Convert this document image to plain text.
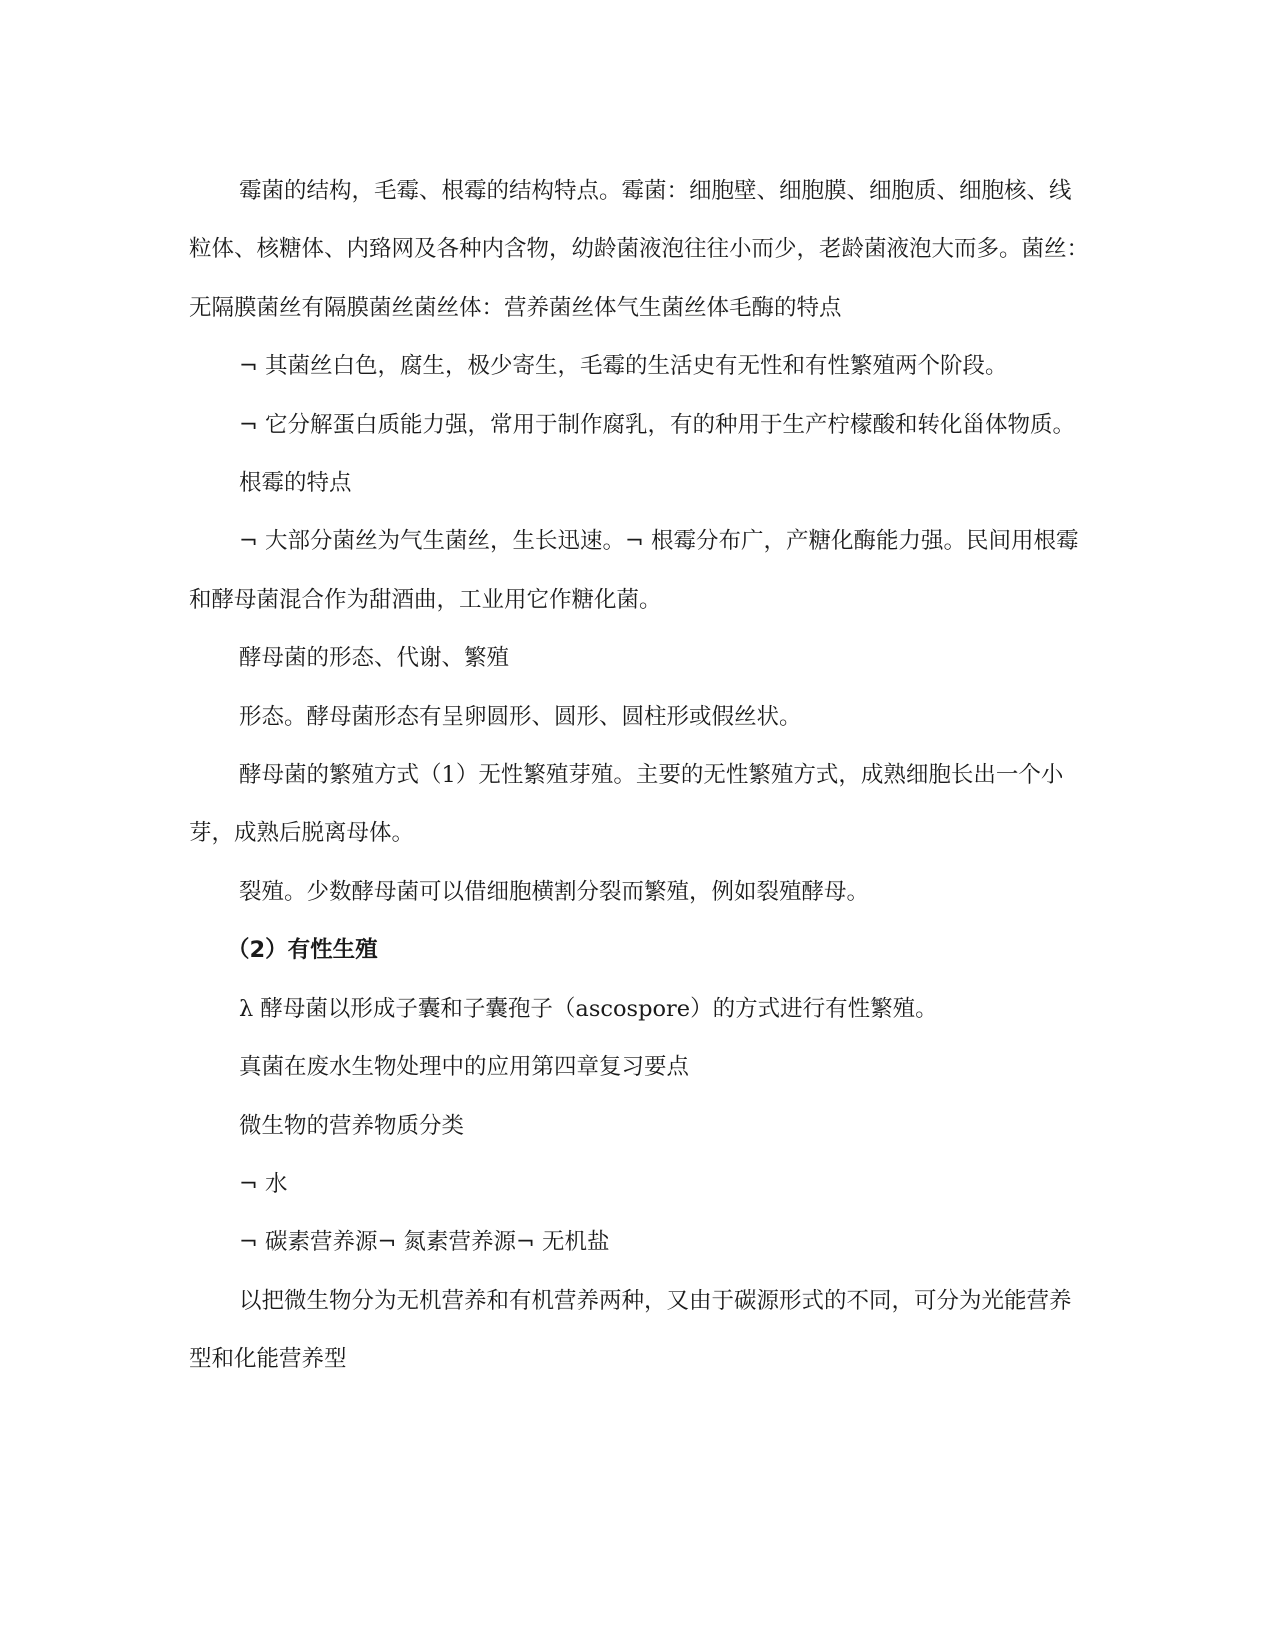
霉菌的结构，毛霉、根霉的结构特点。霉菌：细胞壁、细胞膜、细胞质、细胞核、线粒体、核糖体、内臵网及各种内含物，幼龄菌液泡往往小而少，老龄菌液泡大而多。菌丝：无隔膜菌丝有隔膜菌丝菌丝体：营养菌丝体气生菌丝体毛酶的特点

¬ 其菌丝白色，腐生，极少寄生，毛霉的生活史有无性和有性繁殖两个阶段。

¬ 它分解蛋白质能力强，常用于制作腐乳，有的种用于生产柠檬酸和转化甾体物质。

根霉的特点

¬ 大部分菌丝为气生菌丝，生长迅速。¬ 根霉分布广，产糖化酶能力强。民间用根霉和酵母菌混合作为甜酒曲，工业用它作糖化菌。

酵母菌的形态、代谢、繁殖

形态。酵母菌形态有呈卵圆形、圆形、圆柱形或假丝状。

酵母菌的繁殖方式（1）无性繁殖芽殖。主要的无性繁殖方式，成熟细胞长出一个小芽，成熟后脱离母体。

裂殖。少数酵母菌可以借细胞横割分裂而繁殖，例如裂殖酵母。

（2）有性生殖

λ 酵母菌以形成子囊和子囊孢子（ascospore）的方式进行有性繁殖。

真菌在废水生物处理中的应用第四章复习要点

微生物的营养物质分类

¬ 水

¬ 碳素营养源¬ 氮素营养源¬ 无机盐

以把微生物分为无机营养和有机营养两种，又由于碳源形式的不同，可分为光能营养型和化能营养型
